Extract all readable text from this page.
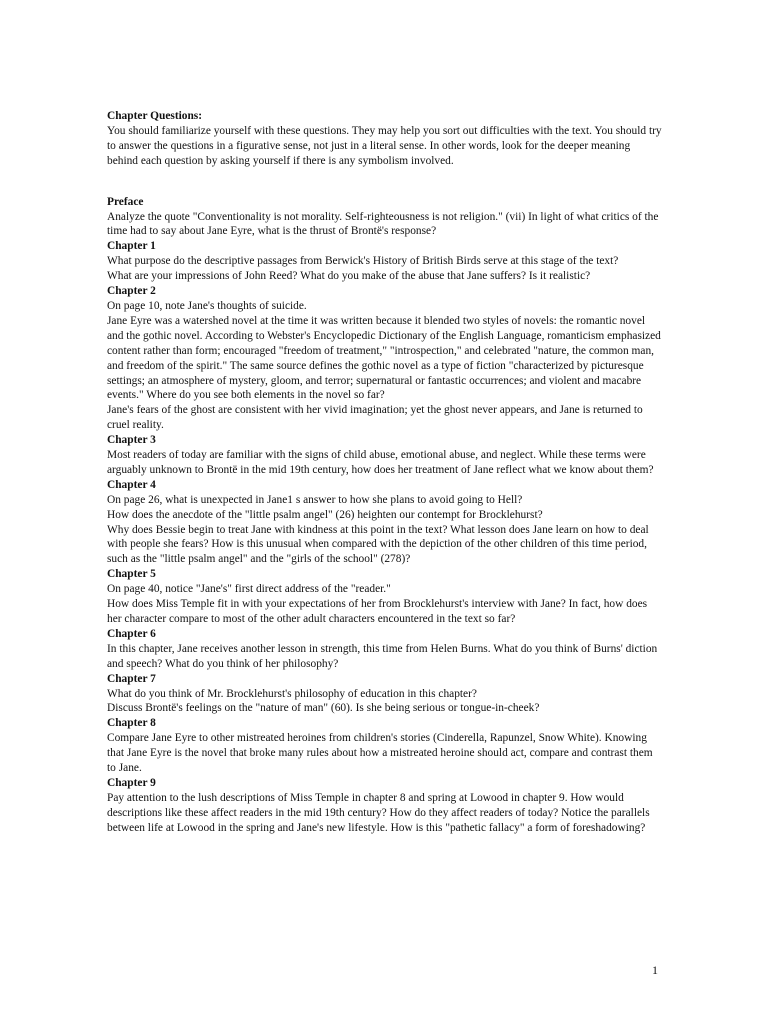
Chapter Questions:

You should familiarize yourself with these questions. They may help you sort out difficulties with the text. You should try to answer the questions in a figurative sense, not just in a literal sense. In other words, look for the deeper meaning behind each question by asking yourself if there is any symbolism involved.

Preface

Analyze the quote "Conventionality is not morality. Self-righteousness is not religion." (vii) In light of what critics of the time had to say about Jane Eyre, what is the thrust of Brontë's response?

Chapter 1

What purpose do the descriptive passages from Berwick's History of British Birds serve at this stage of the text?

What are your impressions of John Reed? What do you make of the abuse that Jane suffers? Is it realistic?

Chapter 2

On page 10, note Jane's thoughts of suicide.

Jane Eyre was a watershed novel at the time it was written because it blended two styles of novels: the romantic novel and the gothic novel. According to Webster's Encyclopedic Dictionary of the English Language, romanticism emphasized content rather than form; encouraged "freedom of treatment," "introspection," and celebrated "nature, the common man, and freedom of the spirit." The same source defines the gothic novel as a type of fiction "characterized by picturesque settings; an atmosphere of mystery, gloom, and terror; supernatural or fantastic occurrences; and violent and macabre events." Where do you see both elements in the novel so far?

Jane's fears of the ghost are consistent with her vivid imagination; yet the ghost never appears, and Jane is returned to cruel reality.

Chapter 3

Most readers of today are familiar with the signs of child abuse, emotional abuse, and neglect. While these terms were arguably unknown to Brontë in the mid 19th century, how does her treatment of Jane reflect what we know about them?

Chapter 4

On page 26, what is unexpected in Jane1 s answer to how she plans to avoid going to Hell?

How does the anecdote of the "little psalm angel" (26) heighten our contempt for Brocklehurst?

Why does Bessie begin to treat Jane with kindness at this point in the text? What lesson does Jane learn on how to deal with people she fears? How is this unusual when compared with the depiction of the other children of this time period, such as the "little psalm angel" and the "girls of the school" (278)?

Chapter 5

On page 40, notice "Jane's" first direct address of the "reader."

How does Miss Temple fit in with your expectations of her from Brocklehurst's interview with Jane? In fact, how does her character compare to most of the other adult characters encountered in the text so far?

Chapter 6

In this chapter, Jane receives another lesson in strength, this time from Helen Burns. What do you think of Burns' diction and speech? What do you think of her philosophy?

Chapter 7

What do you think of Mr. Brocklehurst's philosophy of education in this chapter?

Discuss Brontë's feelings on the "nature of man" (60). Is she being serious or tongue-in-cheek?

Chapter 8

Compare Jane Eyre to other mistreated heroines from children's stories (Cinderella, Rapunzel, Snow White). Knowing that Jane Eyre is the novel that broke many rules about how a mistreated heroine should act, compare and contrast them to Jane.

Chapter 9

Pay attention to the lush descriptions of Miss Temple in chapter 8 and spring at Lowood in chapter 9. How would descriptions like these affect readers in the mid 19th century? How do they affect readers of today? Notice the parallels between life at Lowood in the spring and Jane's new lifestyle. How is this "pathetic fallacy" a form of foreshadowing?

1
